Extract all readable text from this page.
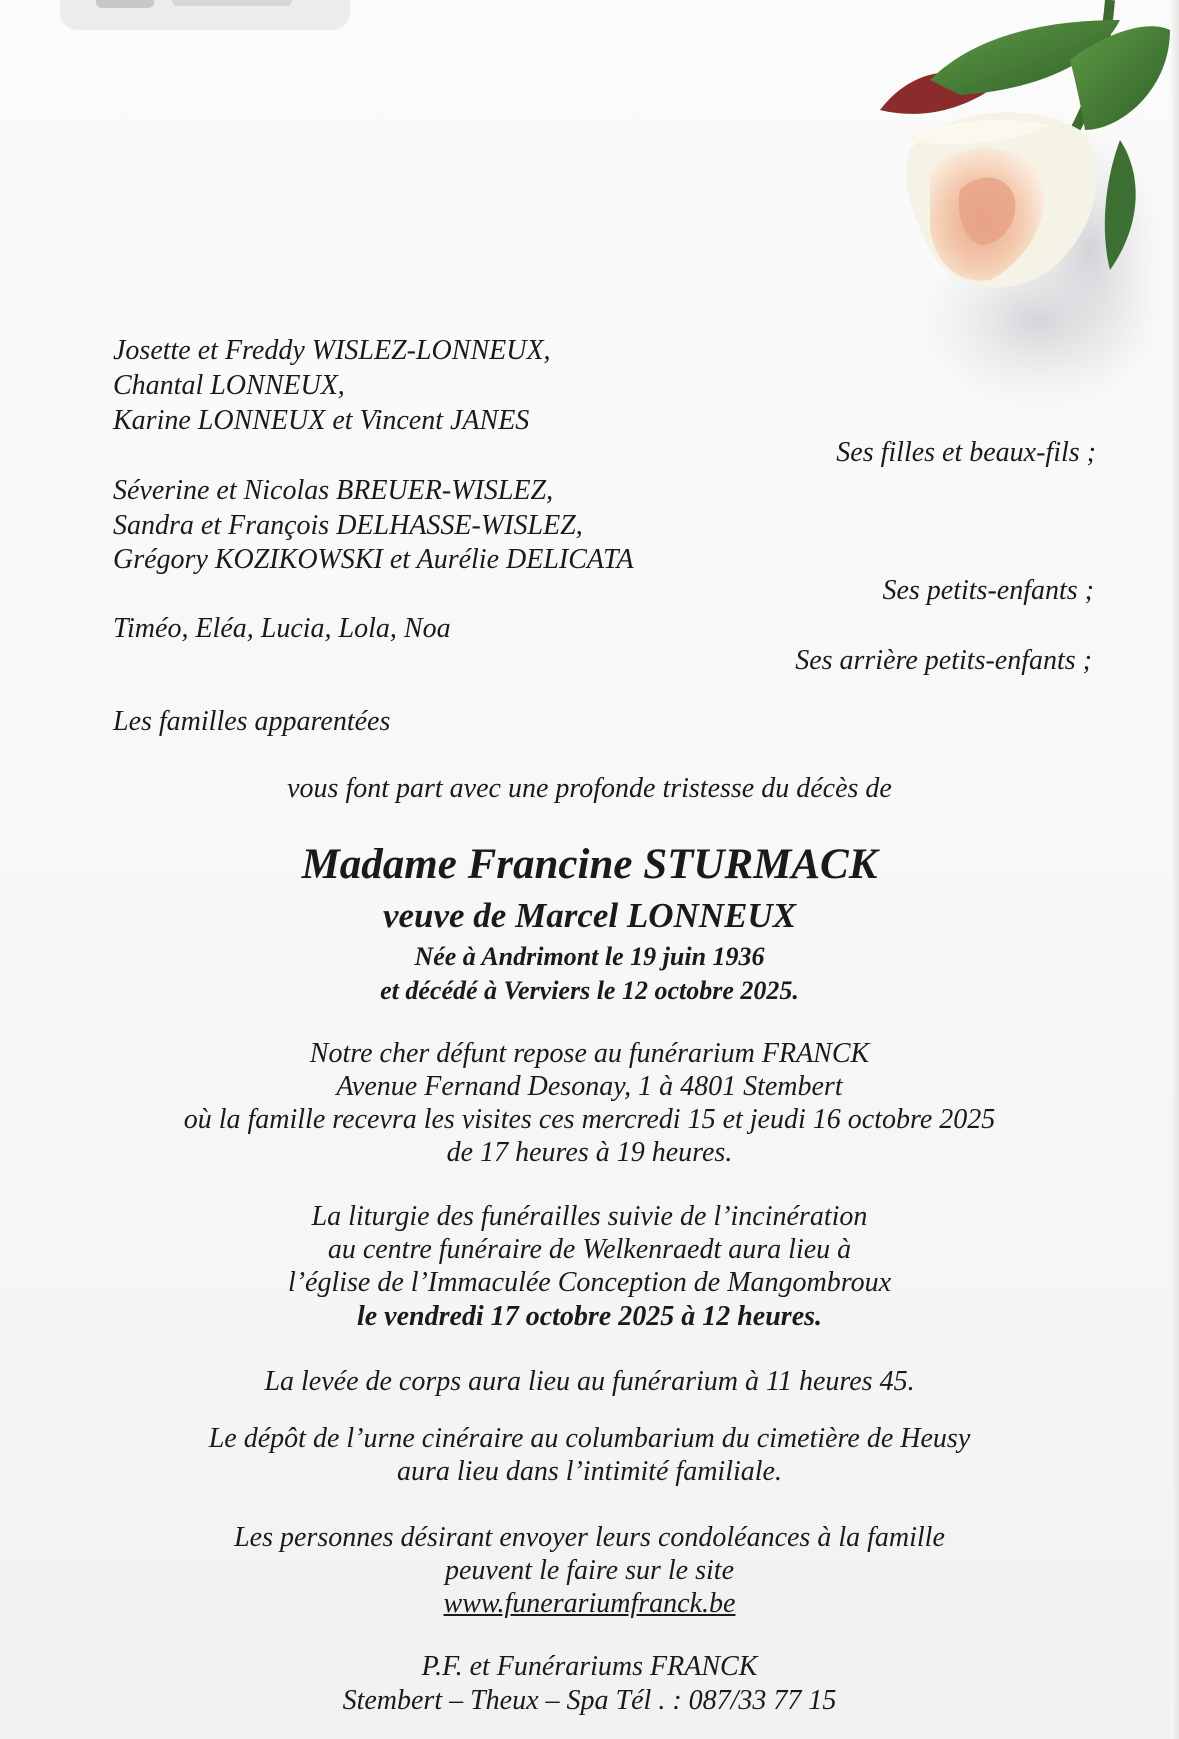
Josette et Freddy WISLEZ-LONNEUX,
Chantal LONNEUX,
Karine LONNEUX et Vincent JANES
Ses filles et beaux-fils ;
Séverine et Nicolas BREUER-WISLEZ,
Sandra et François DELHASSE-WISLEZ,
Grégory KOZIKOWSKI et Aurélie DELICATA
Ses petits-enfants ;
Timéo, Eléa, Lucia, Lola, Noa
Ses arrière petits-enfants ;
Les familles apparentées
vous font part avec une profonde tristesse du décès de
Madame Francine STURMACK
veuve de Marcel LONNEUX
Née à Andrimont le 19 juin 1936
et décédé à Verviers le 12 octobre 2025.
Notre cher défunt repose au funérarium FRANCK
Avenue Fernand Desonay, 1 à 4801 Stembert
où la famille recevra les visites ces mercredi 15 et jeudi 16 octobre 2025
de 17 heures à 19 heures.
La liturgie des funérailles suivie de l’incinération
au centre funéraire de Welkenraedt aura lieu à
l’église de l’Immaculée Conception de Mangombroux
le vendredi 17 octobre 2025 à 12 heures.
La levée de corps aura lieu au funérarium à 11 heures 45.
Le dépôt de l’urne cinéraire au columbarium du cimetière de Heusy
aura lieu dans l’intimité familiale.
Les personnes désirant envoyer leurs condoléances à la famille
peuvent le faire sur le site
www.funerariumfranck.be
P.F. et Funérariums FRANCK
Stembert – Theux – Spa Tél . : 087/33 77 15
